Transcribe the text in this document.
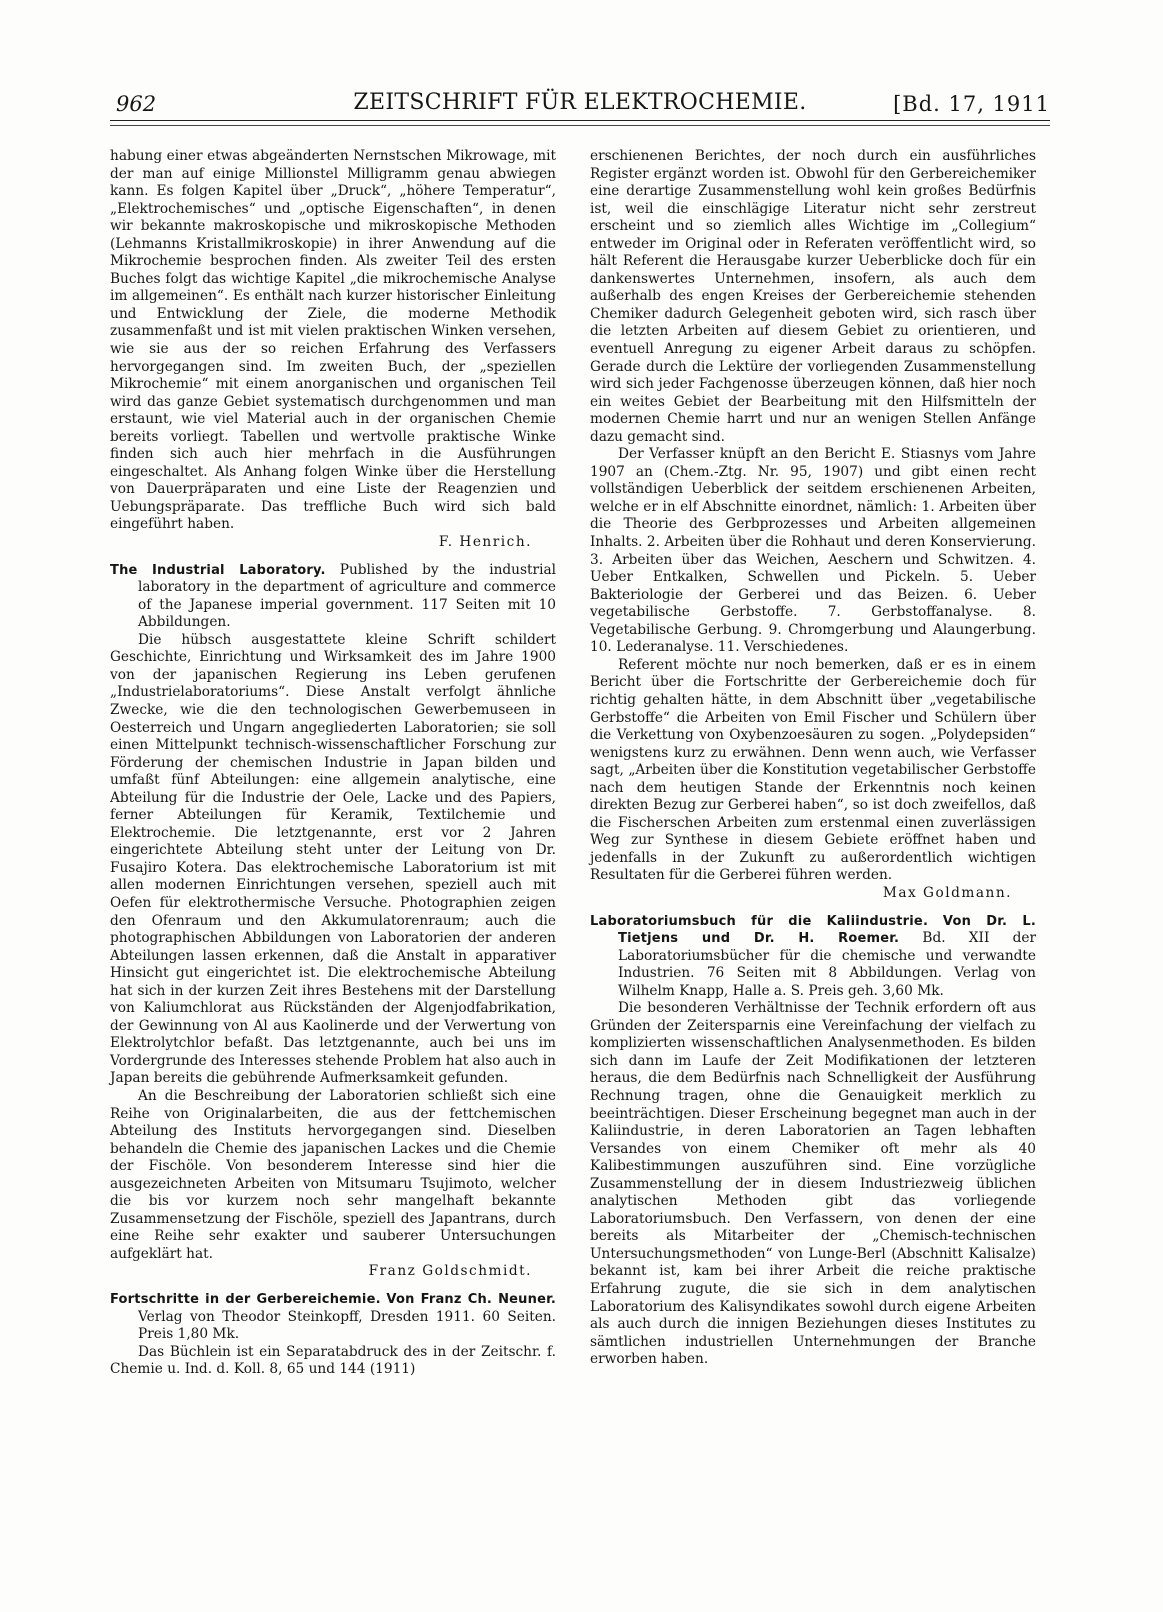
962	ZEITSCHRIFT FÜR ELEKTROCHEMIE.	[Bd. 17, 1911

habung einer etwas abgeänderten Nernstschen Mikrowage, mit der man auf einige Millionstel Milligramm genau abwiegen kann. Es folgen Kapitel über „Druck“, „höhere Temperatur“, „Elektrochemisches“ und „optische Eigenschaften“, in denen wir bekannte makroskopische und mikroskopische Methoden (Lehmanns Kristallmikroskopie) in ihrer Anwendung auf die Mikrochemie besprochen finden. Als zweiter Teil des ersten Buches folgt das wichtige Kapitel „die mikrochemische Analyse im allgemeinen“. Es enthält nach kurzer historischer Einleitung und Entwicklung der Ziele, die moderne Methodik zusammenfaßt und ist mit vielen praktischen Winken versehen, wie sie aus der so reichen Erfahrung des Verfassers hervorgegangen sind. Im zweiten Buch, der „speziellen Mikrochemie“ mit einem anorganischen und organischen Teil wird das ganze Gebiet systematisch durchgenommen und man erstaunt, wie viel Material auch in der organischen Chemie bereits vorliegt. Tabellen und wertvolle praktische Winke finden sich auch hier mehrfach in die Ausführungen eingeschaltet. Als Anhang folgen Winke über die Herstellung von Dauerpräparaten und eine Liste der Reagenzien und Uebungspräparate. Das treffliche Buch wird sich bald eingeführt haben.

F. Henrich.

The Industrial Laboratory. Published by the industrial laboratory in the department of agriculture and commerce of the Japanese imperial government. 117 Seiten mit 10 Abbildungen.

Die hübsch ausgestattete kleine Schrift schildert Geschichte, Einrichtung und Wirksamkeit des im Jahre 1900 von der japanischen Regierung ins Leben gerufenen „Industrielaboratoriums“. Diese Anstalt verfolgt ähnliche Zwecke, wie die den technologischen Gewerbemuseen in Oesterreich und Ungarn angegliederten Laboratorien; sie soll einen Mittelpunkt technisch-wissenschaftlicher Forschung zur Förderung der chemischen Industrie in Japan bilden und umfaßt fünf Abteilungen: eine allgemein analytische, eine Abteilung für die Industrie der Oele, Lacke und des Papiers, ferner Abteilungen für Keramik, Textilchemie und Elektrochemie. Die letztgenannte, erst vor 2 Jahren eingerichtete Abteilung steht unter der Leitung von Dr. Fusajiro Kotera. Das elektrochemische Laboratorium ist mit allen modernen Einrichtungen versehen, speziell auch mit Oefen für elektrothermische Versuche. Photographien zeigen den Ofenraum und den Akkumulatorenraum; auch die photographischen Abbildungen von Laboratorien der anderen Abteilungen lassen erkennen, daß die Anstalt in apparativer Hinsicht gut eingerichtet ist. Die elektrochemische Abteilung hat sich in der kurzen Zeit ihres Bestehens mit der Darstellung von Kaliumchlorat aus Rückständen der Algenjodfabrikation, der Gewinnung von Al aus Kaolinerde und der Verwertung von Elektrolytchlor befaßt. Das letztgenannte, auch bei uns im Vordergrunde des Interesses stehende Problem hat also auch in Japan bereits die gebührende Aufmerksamkeit gefunden.

An die Beschreibung der Laboratorien schließt sich eine Reihe von Originalarbeiten, die aus der fettchemischen Abteilung des Instituts hervorgegangen sind. Dieselben behandeln die Chemie des japanischen Lackes und die Chemie der Fischöle. Von besonderem Interesse sind hier die ausgezeichneten Arbeiten von Mitsumaru Tsujimoto, welcher die bis vor kurzem noch sehr mangelhaft bekannte Zusammensetzung der Fischöle, speziell des Japantrans, durch eine Reihe sehr exakter und sauberer Untersuchungen aufgeklärt hat.

Franz Goldschmidt.

Fortschritte in der Gerbereichemie. Von Franz Ch. Neuner. Verlag von Theodor Steinkopff, Dresden 1911. 60 Seiten. Preis 1,80 Mk.

Das Büchlein ist ein Separatabdruck des in der Zeitschr. f. Chemie u. Ind. d. Koll. 8, 65 und 144 (1911)

erschienenen Berichtes, der noch durch ein ausführliches Register ergänzt worden ist. Obwohl für den Gerbereichemiker eine derartige Zusammenstellung wohl kein großes Bedürfnis ist, weil die einschlägige Literatur nicht sehr zerstreut erscheint und so ziemlich alles Wichtige im „Collegium“ entweder im Original oder in Referaten veröffentlicht wird, so hält Referent die Herausgabe kurzer Ueberblicke doch für ein dankenswertes Unternehmen, insofern, als auch dem außerhalb des engen Kreises der Gerbereichemie stehenden Chemiker dadurch Gelegenheit geboten wird, sich rasch über die letzten Arbeiten auf diesem Gebiet zu orientieren, und eventuell Anregung zu eigener Arbeit daraus zu schöpfen. Gerade durch die Lektüre der vorliegenden Zusammenstellung wird sich jeder Fachgenosse überzeugen können, daß hier noch ein weites Gebiet der Bearbeitung mit den Hilfsmitteln der modernen Chemie harrt und nur an wenigen Stellen Anfänge dazu gemacht sind.

Der Verfasser knüpft an den Bericht E. Stiasnys vom Jahre 1907 an (Chem.-Ztg. Nr. 95, 1907) und gibt einen recht vollständigen Ueberblick der seitdem erschienenen Arbeiten, welche er in elf Abschnitte einordnet, nämlich: 1. Arbeiten über die Theorie des Gerbprozesses und Arbeiten allgemeinen Inhalts. 2. Arbeiten über die Rohhaut und deren Konservierung. 3. Arbeiten über das Weichen, Aeschern und Schwitzen. 4. Ueber Entkalken, Schwellen und Pickeln. 5. Ueber Bakteriologie der Gerberei und das Beizen. 6. Ueber vegetabilische Gerbstoffe. 7. Gerbstoffanalyse. 8. Vegetabilische Gerbung. 9. Chromgerbung und Alaungerbung. 10. Lederanalyse. 11. Verschiedenes.

Referent möchte nur noch bemerken, daß er es in einem Bericht über die Fortschritte der Gerbereichemie doch für richtig gehalten hätte, in dem Abschnitt über „vegetabilische Gerbstoffe“ die Arbeiten von Emil Fischer und Schülern über die Verkettung von Oxybenzoesäuren zu sogen. „Polydepsiden“ wenigstens kurz zu erwähnen. Denn wenn auch, wie Verfasser sagt, „Arbeiten über die Konstitution vegetabilischer Gerbstoffe nach dem heutigen Stande der Erkenntnis noch keinen direkten Bezug zur Gerberei haben“, so ist doch zweifellos, daß die Fischerschen Arbeiten zum erstenmal einen zuverlässigen Weg zur Synthese in diesem Gebiete eröffnet haben und jedenfalls in der Zukunft zu außerordentlich wichtigen Resultaten für die Gerberei führen werden.

Max Goldmann.

Laboratoriumsbuch für die Kaliindustrie. Von Dr. L. Tietjens und Dr. H. Roemer. Bd. XII der Laboratoriumsbücher für die chemische und verwandte Industrien. 76 Seiten mit 8 Abbildungen. Verlag von Wilhelm Knapp, Halle a. S. Preis geh. 3,60 Mk.

Die besonderen Verhältnisse der Technik erfordern oft aus Gründen der Zeitersparnis eine Vereinfachung der vielfach zu komplizierten wissenschaftlichen Analysenmethoden. Es bilden sich dann im Laufe der Zeit Modifikationen der letzteren heraus, die dem Bedürfnis nach Schnelligkeit der Ausführung Rechnung tragen, ohne die Genauigkeit merklich zu beeinträchtigen. Dieser Erscheinung begegnet man auch in der Kaliindustrie, in deren Laboratorien an Tagen lebhaften Versandes von einem Chemiker oft mehr als 40 Kalibestimmungen auszuführen sind. Eine vorzügliche Zusammenstellung der in diesem Industriezweig üblichen analytischen Methoden gibt das vorliegende Laboratoriumsbuch. Den Verfassern, von denen der eine bereits als Mitarbeiter der „Chemisch-technischen Untersuchungsmethoden“ von Lunge-Berl (Abschnitt Kalisalze) bekannt ist, kam bei ihrer Arbeit die reiche praktische Erfahrung zugute, die sie sich in dem analytischen Laboratorium des Kalisyndikates sowohl durch eigene Arbeiten als auch durch die innigen Beziehungen dieses Institutes zu sämtlichen industriellen Unternehmungen der Branche erworben haben.
